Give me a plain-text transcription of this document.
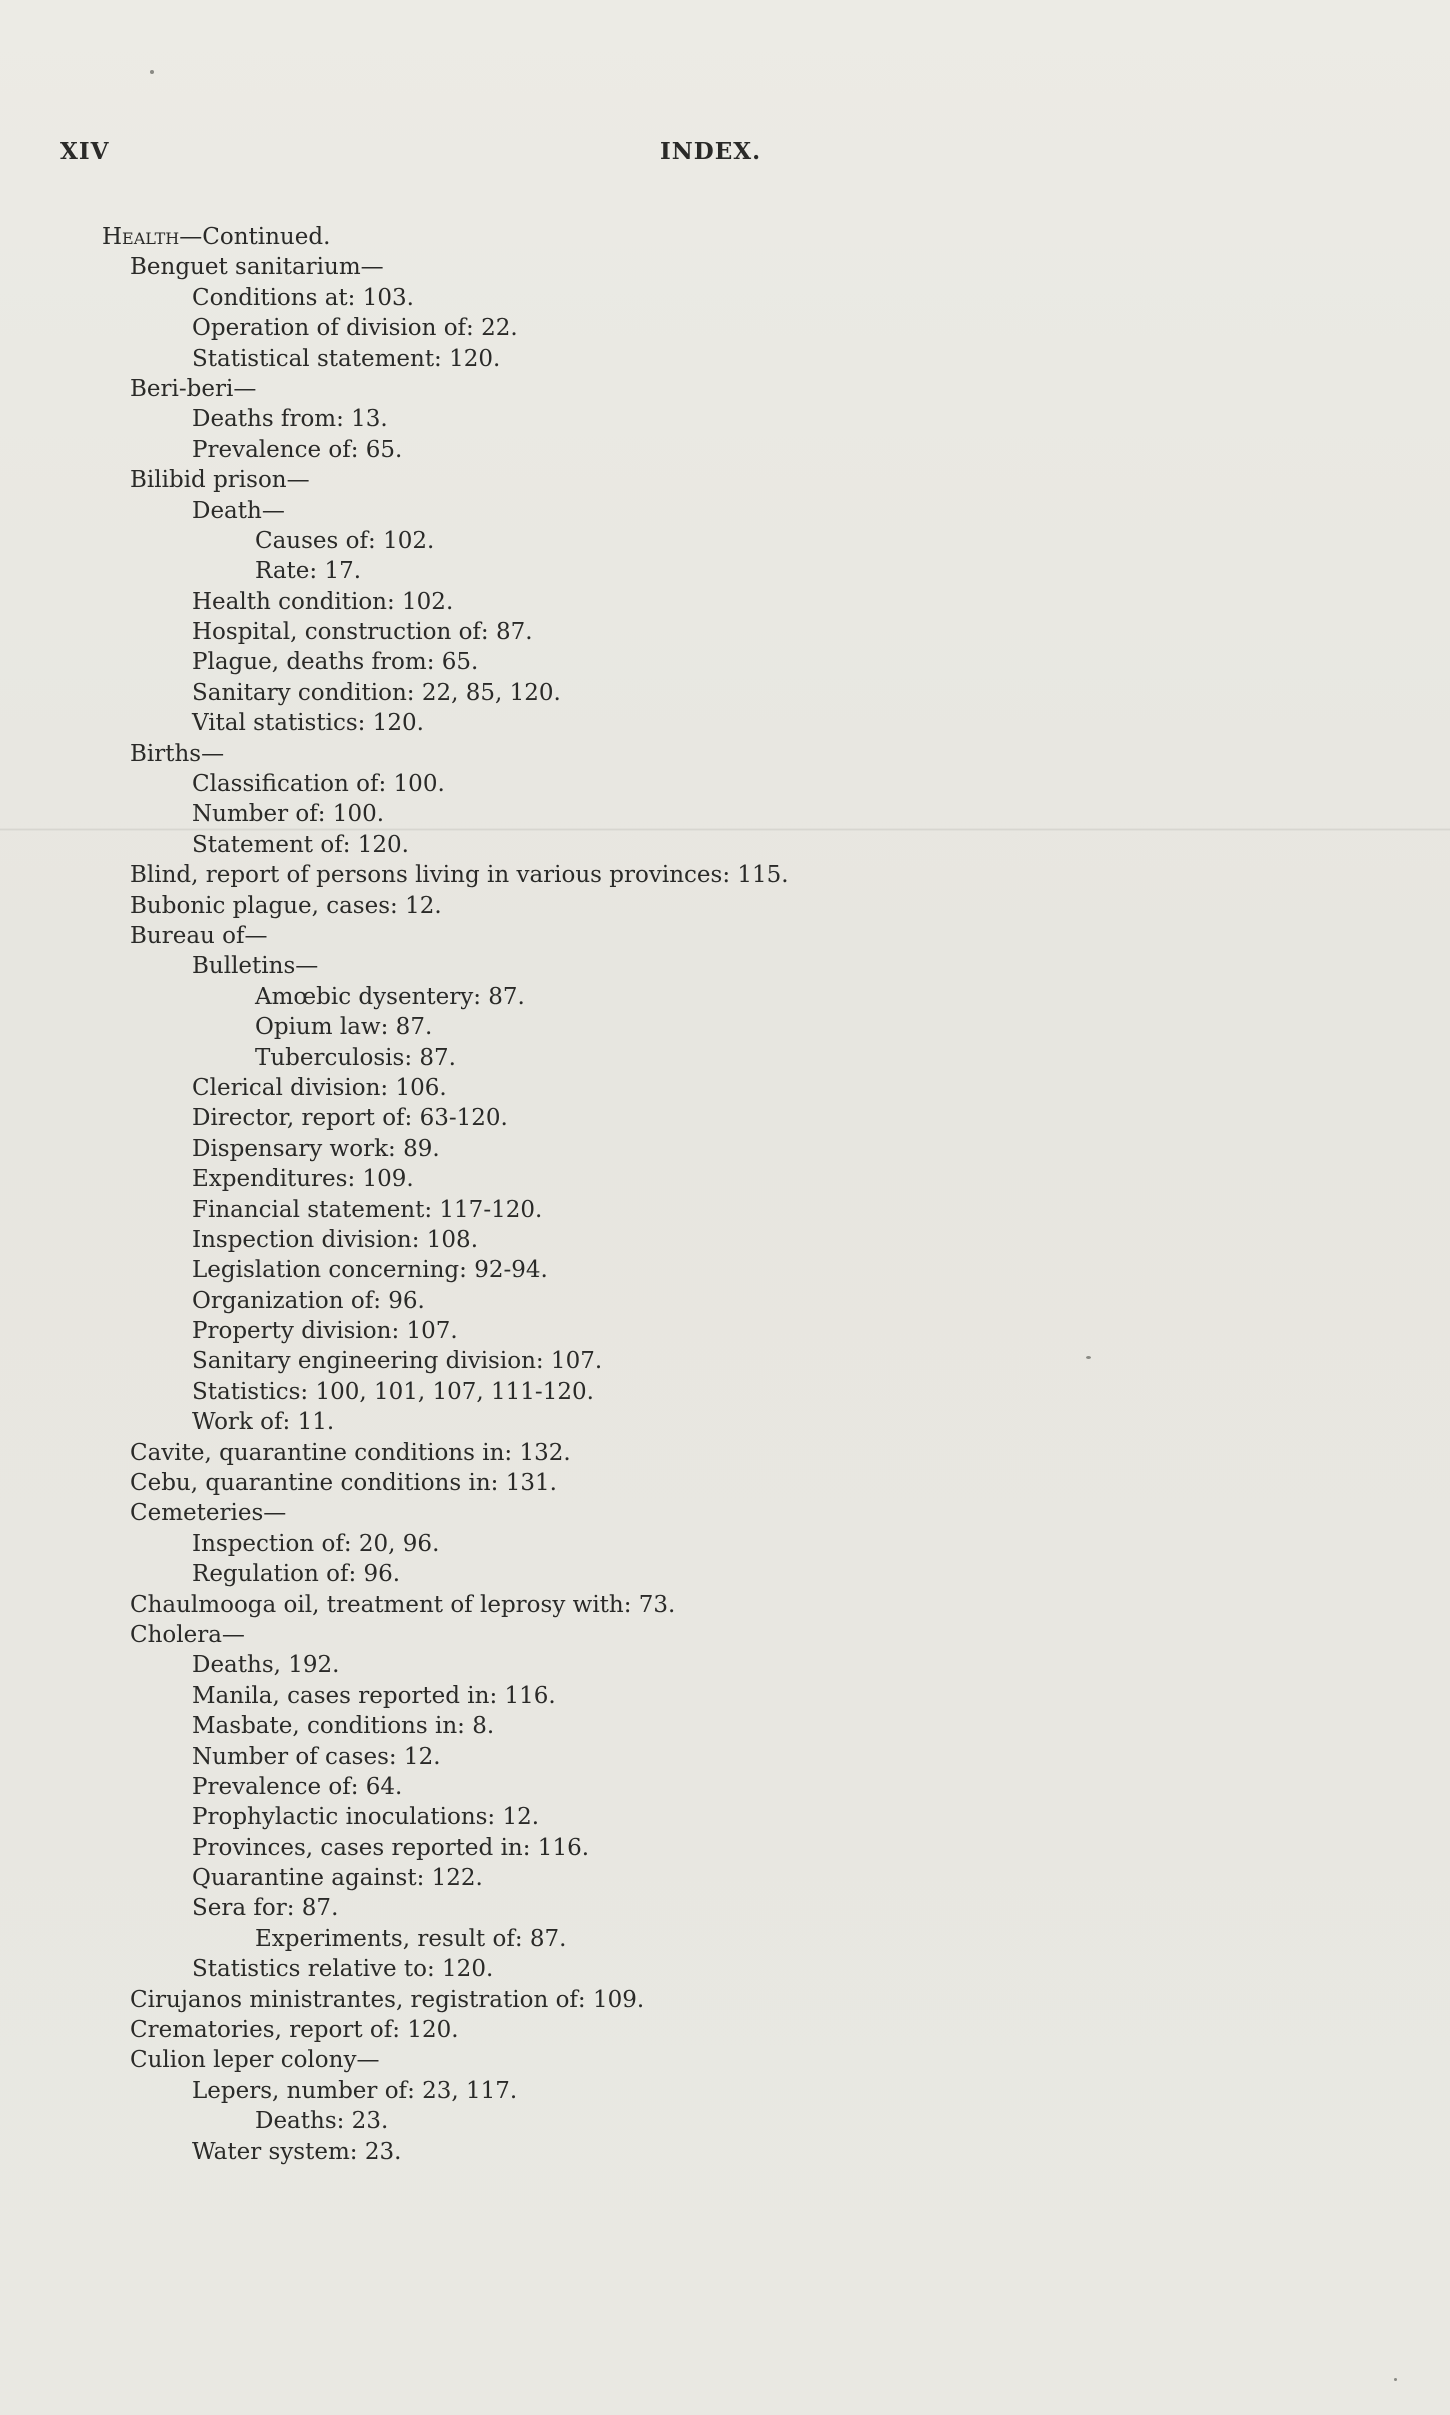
XIV	INDEX.
Health—Continued.
Benguet sanitarium—
Conditions at: 103.
Operation of division of: 22.
Statistical statement: 120.
Beri-beri—
Deaths from: 13.
Prevalence of: 65.
Bilibid prison—
Death—
Causes of: 102.
Rate: 17.
Health condition: 102.
Hospital, construction of: 87.
Plague, deaths from: 65.
Sanitary condition: 22, 85, 120.
Vital statistics: 120.
Births—
Classification of: 100.
Number of: 100.
Statement of: 120.
Blind, report of persons living in various provinces: 115.
Bubonic plague, cases: 12.
Bureau of—
Bulletins—
Amœbic dysentery: 87.
Opium law: 87.
Tuberculosis: 87.
Clerical division: 106.
Director, report of: 63-120.
Dispensary work: 89.
Expenditures: 109.
Financial statement: 117-120.
Inspection division: 108.
Legislation concerning: 92-94.
Organization of: 96.
Property division: 107.
Sanitary engineering division: 107.
Statistics: 100, 101, 107, 111-120.
Work of: 11.
Cavite, quarantine conditions in: 132.
Cebu, quarantine conditions in: 131.
Cemeteries—
Inspection of: 20, 96.
Regulation of: 96.
Chaulmooga oil, treatment of leprosy with: 73.
Cholera—
Deaths, 192.
Manila, cases reported in: 116.
Masbate, conditions in: 8.
Number of cases: 12.
Prevalence of: 64.
Prophylactic inoculations: 12.
Provinces, cases reported in: 116.
Quarantine against: 122.
Sera for: 87.
Experiments, result of: 87.
Statistics relative to: 120.
Cirujanos ministrantes, registration of: 109.
Crematories, report of: 120.
Culion leper colony—
Lepers, number of: 23, 117.
Deaths: 23.
Water system: 23.
